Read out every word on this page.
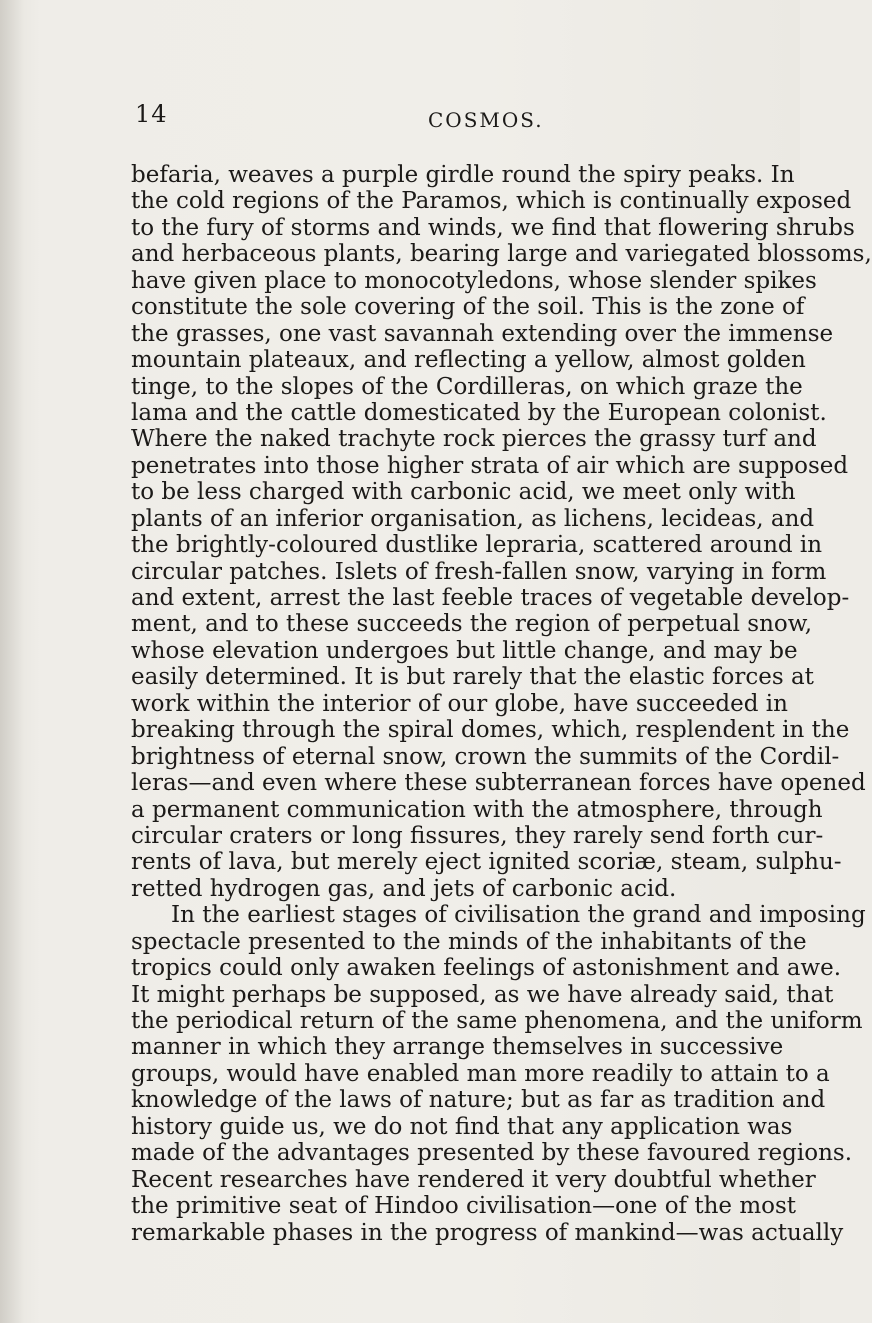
14	COSMOS.
befaria, weaves a purple girdle round the spiry peaks. In
the cold regions of the Paramos, which is continually exposed
to the fury of storms and winds, we find that flowering shrubs
and herbaceous plants, bearing large and variegated blossoms,
have given place to monocotyledons, whose slender spikes
constitute the sole covering of the soil. This is the zone of
the grasses, one vast savannah extending over the immense
mountain plateaux, and reflecting a yellow, almost golden
tinge, to the slopes of the Cordilleras, on which graze the
lama and the cattle domesticated by the European colonist.
Where the naked trachyte rock pierces the grassy turf and
penetrates into those higher strata of air which are supposed
to be less charged with carbonic acid, we meet only with
plants of an inferior organisation, as lichens, lecideas, and
the brightly-coloured dustlike lepraria, scattered around in
circular patches. Islets of fresh-fallen snow, varying in form
and extent, arrest the last feeble traces of vegetable develop-
ment, and to these succeeds the region of perpetual snow,
whose elevation undergoes but little change, and may be
easily determined. It is but rarely that the elastic forces at
work within the interior of our globe, have succeeded in
breaking through the spiral domes, which, resplendent in the
brightness of eternal snow, crown the summits of the Cordil-
leras—and even where these subterranean forces have opened
a permanent communication with the atmosphere, through
circular craters or long fissures, they rarely send forth cur-
rents of lava, but merely eject ignited scoriæ, steam, sulphu-
retted hydrogen gas, and jets of carbonic acid.
In the earliest stages of civilisation the grand and imposing
spectacle presented to the minds of the inhabitants of the
tropics could only awaken feelings of astonishment and awe.
It might perhaps be supposed, as we have already said, that
the periodical return of the same phenomena, and the uniform
manner in which they arrange themselves in successive
groups, would have enabled man more readily to attain to a
knowledge of the laws of nature; but as far as tradition and
history guide us, we do not find that any application was
made of the advantages presented by these favoured regions.
Recent researches have rendered it very doubtful whether
the primitive seat of Hindoo civilisation—one of the most
remarkable phases in the progress of mankind—was actually
